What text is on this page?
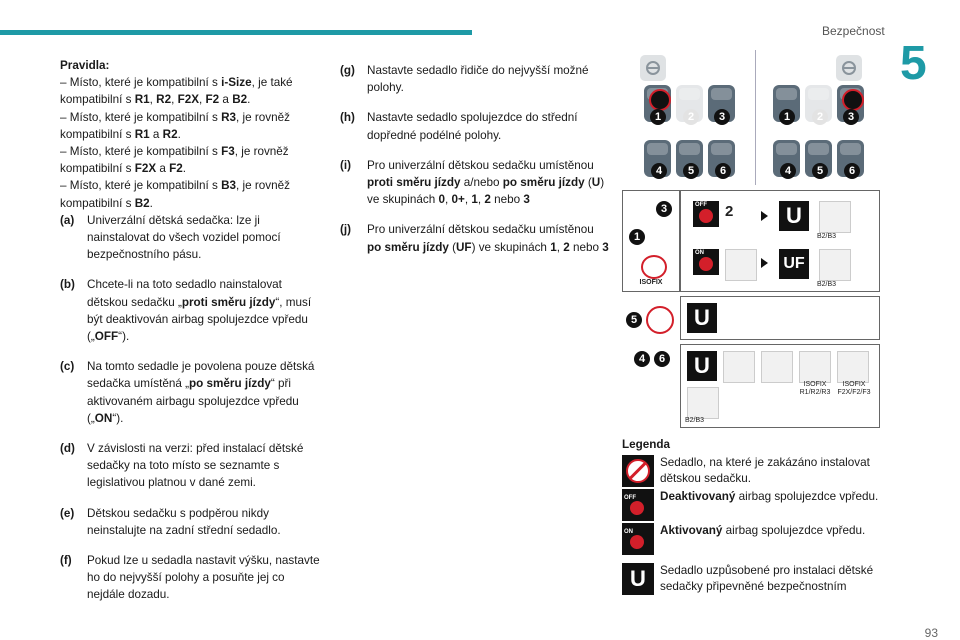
Bezpečnost
5
Pravidla:

– Místo, které je kompatibilní s i-Size, je také kompatibilní s R1, R2, F2X, F2 a B2.

– Místo, které je kompatibilní s R3, je rovněž kompatibilní s R1 a R2.

– Místo, které je kompatibilní s F3, je rovněž kompatibilní s F2X a F2.

– Místo, které je kompatibilní s B3, je rovněž kompatibilní s B2.

(a)	Univerzální dětská sedačka: lze ji nainstalovat do všech vozidel pomocí bezpečnostního pásu.
(b)	Chcete-li na toto sedadlo nainstalovat dětskou sedačku „proti směru jízdy“, musí být deaktivován airbag spolujezdce vpředu („OFF“).
(c)	Na tomto sedadle je povolena pouze dětská sedačka umístěná „po směru jízdy“ při aktivovaném airbagu spolujezdce vpředu („ON“).
(d)	V závislosti na verzi: před instalací dětské sedačky na toto místo se seznamte s legislativou platnou v dané zemi.
(e)	Dětskou sedačku s podpěrou nikdy neinstalujte na zadní střední sedadlo.
(f)	Pokud lze u sedadla nastavit výšku, nastavte ho do nejvyšší polohy a posuňte jej co nejdále dozadu.
(g)	Nastavte sedadlo řidiče do nejvyšší možné polohy.
(h)	Nastavte sedadlo spolujezdce do střední dopředné podélné polohy.
(i)	Pro univerzální dětskou sedačku umístěnou proti směru jízdy a/nebo po směru jízdy (U) ve skupinách 0, 0+, 1, 2 nebo 3
(j)	Pro univerzální dětskou sedačku umístěnou po směru jízdy (UF) ve skupinách 1, 2 nebo 3
1	2	3
4	5	6
1	2	3
4	5	6
3
1
ISOFIX
OFF 2	U
B2/B3
ON
UF
B2/B3
5	U
4	6	U
ISOFIX
R1/R2/R3
ISOFIX
F2X/F2/F3
B2/B3
Legenda
Sedadlo, na které je zakázáno instalovat dětskou sedačku.
OFF Deaktivovaný airbag spolujezdce vpředu.
ON Aktivovaný airbag spolujezdce vpředu.
U	Sedadlo uzpůsobené pro instalaci dětské sedačky připevněné bezpečnostním
93
